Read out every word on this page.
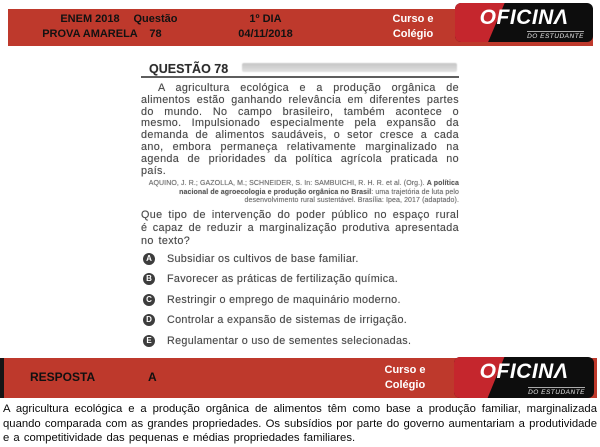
ENEM 2018
PROVA AMARELA
Questão
78
1º DIA
04/11/2018
Curso e
Colégio
OFICINΛ
DO ESTUDANTE
QUESTÃO 78

A agricultura ecológica e a produção orgânica de alimentos estão ganhando relevância em diferentes partes do mundo. No campo brasileiro, também acontece o mesmo. Impulsionado especialmente pela expansão da demanda de alimentos saudáveis, o setor cresce a cada ano, embora permaneça relativamente marginalizado na agenda de prioridades da política agrícola praticada no país.

AQUINO, J. R.; GAZOLLA, M.; SCHNEIDER, S. In: SAMBUICHI, R. H. R. et al. (Org.). A política nacional de agroecologia e produção orgânica no Brasil: uma trajetória de luta pelo desenvolvimento rural sustentável. Brasília: Ipea, 2017 (adaptado).

Que tipo de intervenção do poder público no espaço rural é capaz de reduzir a marginalização produtiva apresentada no texto?

A Subsidiar os cultivos de base familiar.
B Favorecer as práticas de fertilização química.
C Restringir o emprego de maquinário moderno.
D Controlar a expansão de sistemas de irrigação.
E	Regulamentar o uso de sementes selecionadas.
RESPOSTA	A	Curso e
Colégio
OFICINΛ
DO ESTUDANTE

A agricultura ecológica e a produção orgânica de alimentos têm como base a produção familiar, marginalizada quando comparada com as grandes propriedades. Os subsídios por parte do governo aumentariam a produtividade e a competitividade das pequenas e médias propriedades familiares.
